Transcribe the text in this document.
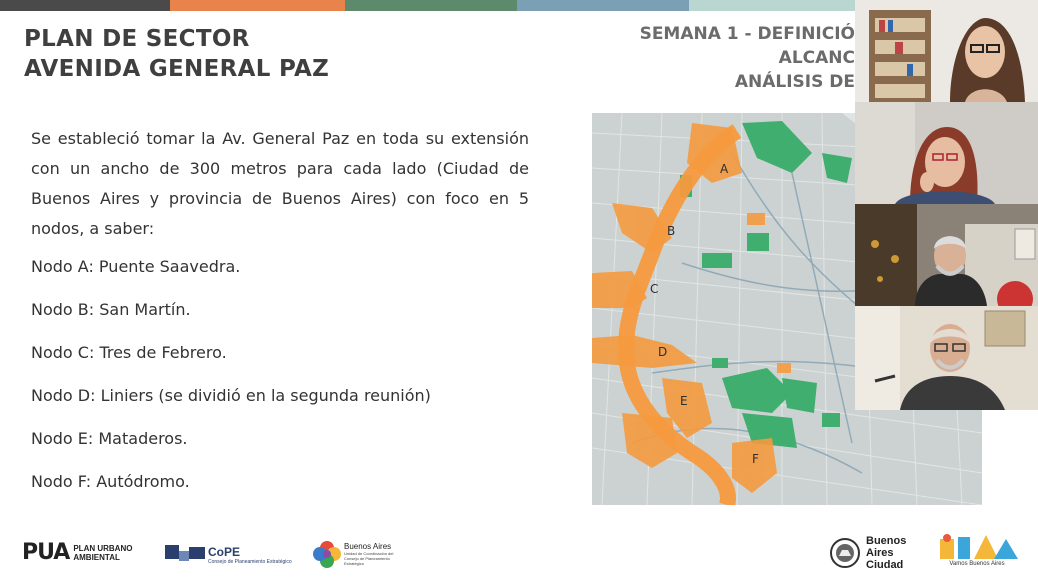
PLAN DE SECTOR
AVENIDA GENERAL PAZ
SEMANA 1 - DEFINICIÓ
ALCANC
ANÁLISIS DE

Se estableció tomar la Av. General Paz en toda su extensión con un ancho de 300 metros para cada lado (Ciudad de Buenos Aires y provincia de Buenos Aires) con foco en 5 nodos, a saber:

Nodo A: Puente Saavedra.

Nodo B: San Martín.

Nodo C: Tres de Febrero.

Nodo D: Liniers (se dividió en la segunda reunión)

Nodo E: Mataderos.

Nodo F: Autódromo.

A
B
C
D
E
F
PUA PLAN URBANO
AMBIENTAL	CoPE
Consejo de Planeamiento Estratégico
Buenos Aires
Unidad de Coordinación del Consejo de Planeamiento Estratégico
Buenos
Aires
Ciudad	Vamos Buenos Aires
